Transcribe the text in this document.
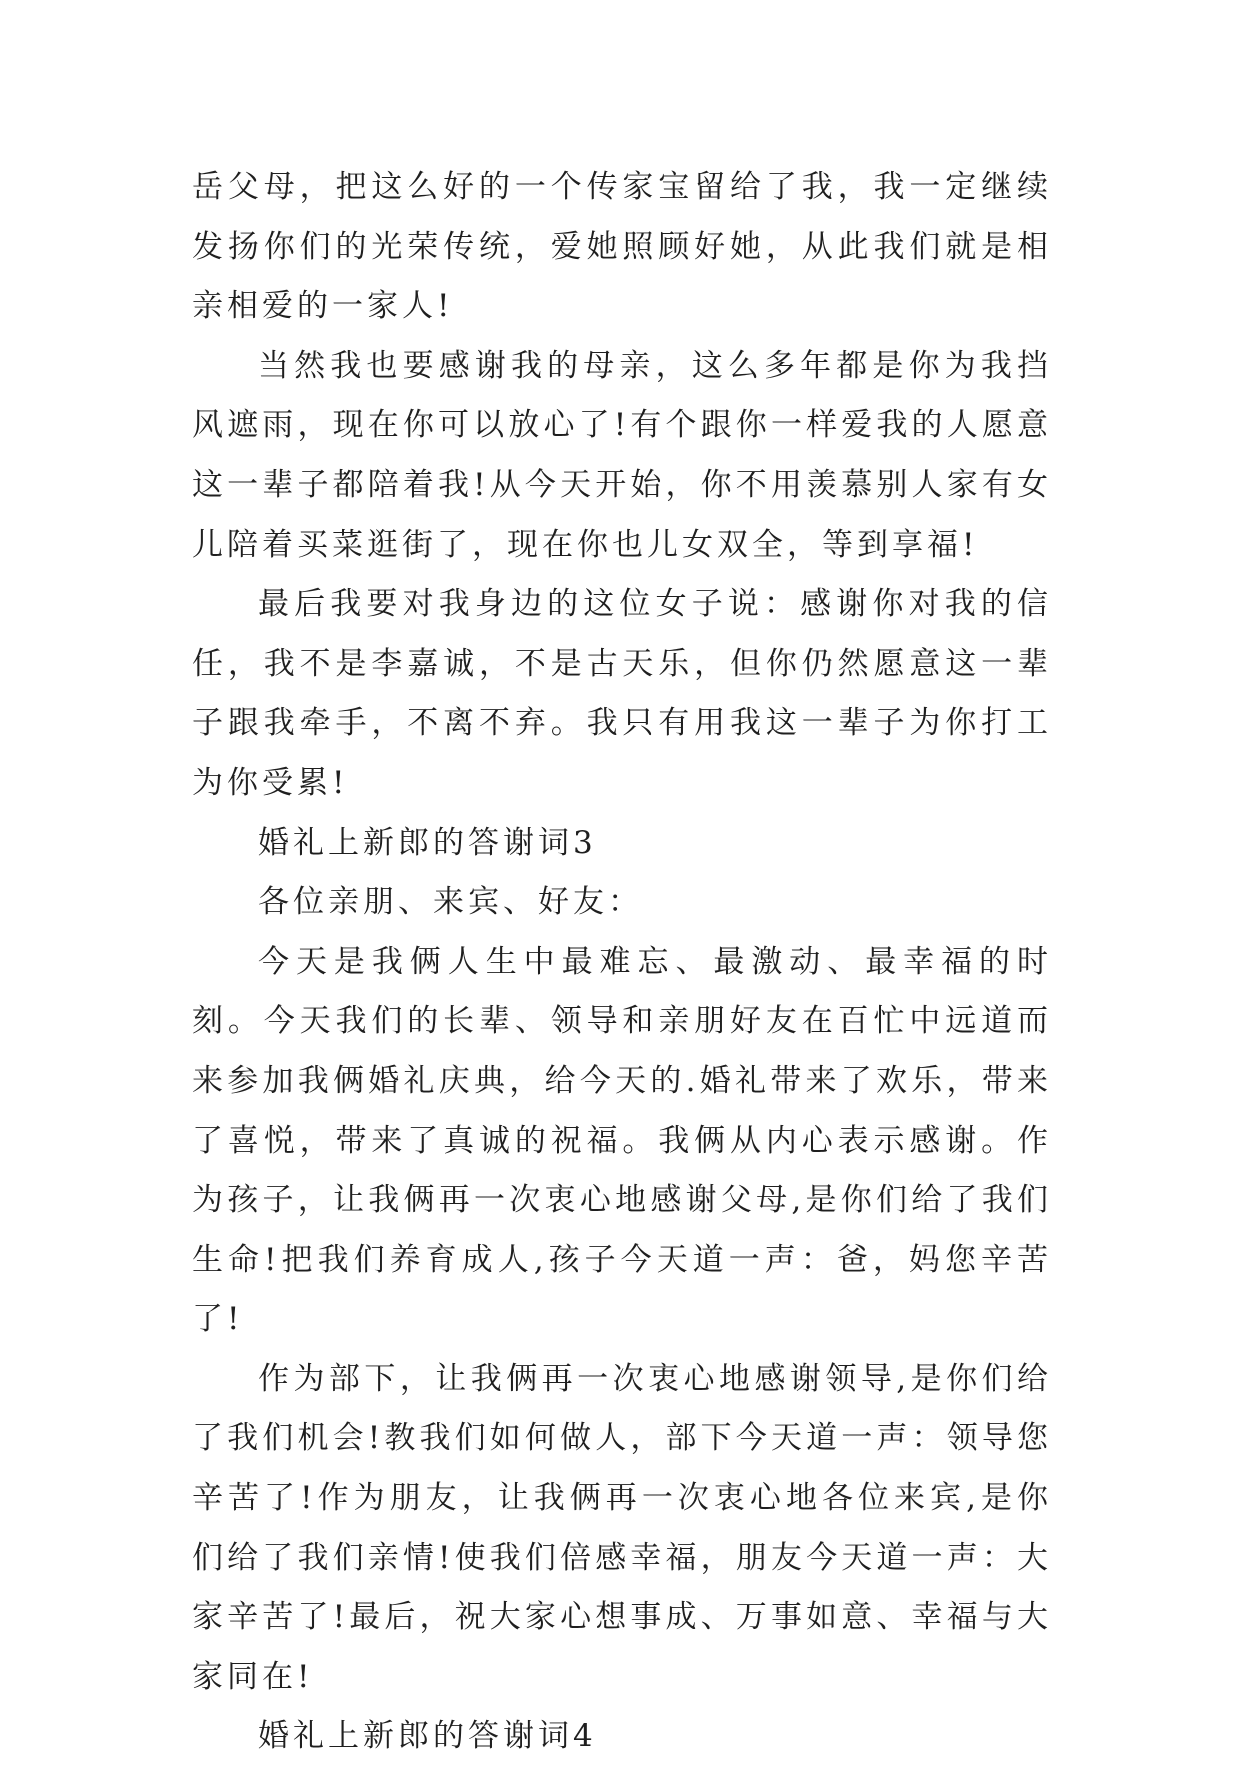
岳父母，把这么好的一个传家宝留给了我，我一定继续发扬你们的光荣传统，爱她照顾好她，从此我们就是相亲相爱的一家人!

当然我也要感谢我的母亲，这么多年都是你为我挡风遮雨，现在你可以放心了!有个跟你一样爱我的人愿意这一辈子都陪着我!从今天开始，你不用羡慕别人家有女儿陪着买菜逛街了，现在你也儿女双全，等到享福!

最后我要对我身边的这位女子说：感谢你对我的信任，我不是李嘉诚，不是古天乐，但你仍然愿意这一辈子跟我牵手，不离不弃。我只有用我这一辈子为你打工为你受累!

婚礼上新郎的答谢词3

各位亲朋、来宾、好友：

今天是我俩人生中最难忘、最激动、最幸福的时刻。今天我们的长辈、领导和亲朋好友在百忙中远道而来参加我俩婚礼庆典，给今天的.婚礼带来了欢乐，带来了喜悦，带来了真诚的祝福。我俩从内心表示感谢。作为孩子，让我俩再一次衷心地感谢父母,是你们给了我们生命!把我们养育成人,孩子今天道一声：爸，妈您辛苦了!

作为部下，让我俩再一次衷心地感谢领导,是你们给了我们机会!教我们如何做人，部下今天道一声：领导您辛苦了!作为朋友，让我俩再一次衷心地各位来宾,是你们给了我们亲情!使我们倍感幸福，朋友今天道一声：大家辛苦了!最后，祝大家心想事成、万事如意、幸福与大家同在!

婚礼上新郎的答谢词4
